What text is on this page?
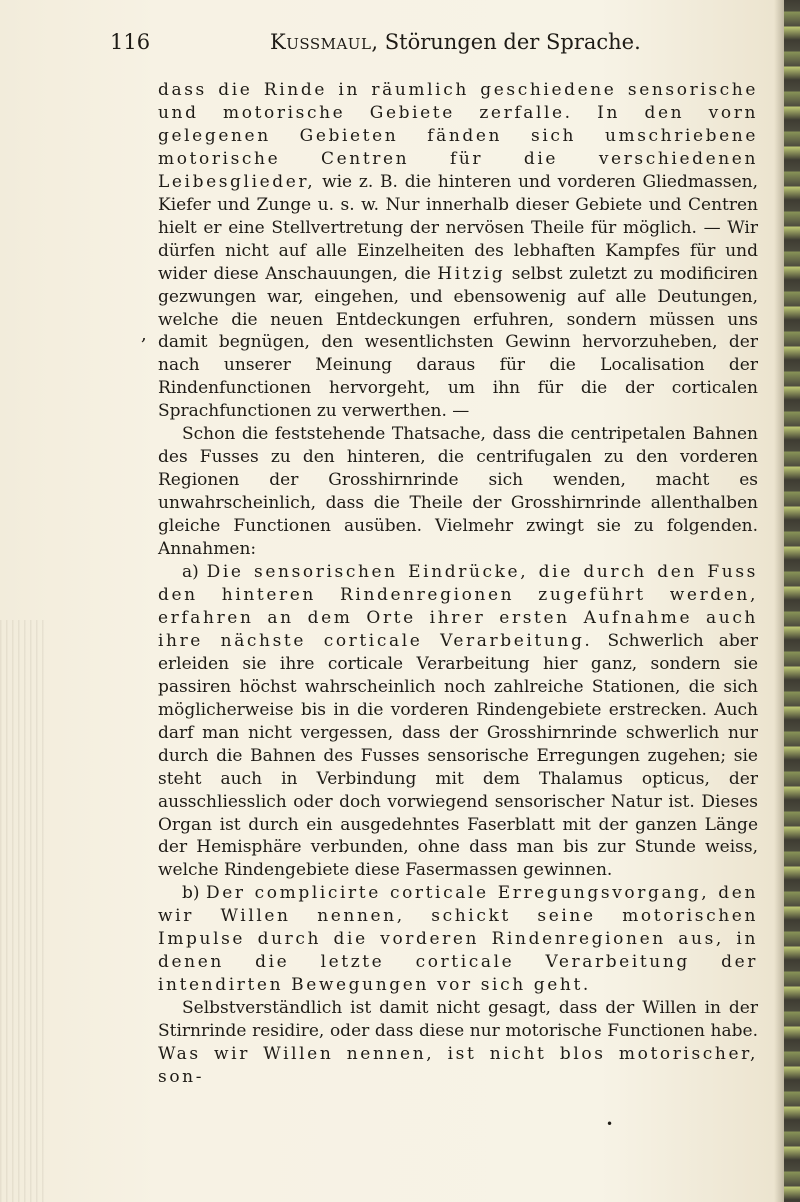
116	Kussmaul, Störungen der Sprache.
,

dass die Rinde in räumlich geschiedene sensorische und motorische Gebiete zerfalle. In den vorn gelegenen Gebieten fänden sich umschriebene motorische Centren für die verschiedenen Leibesglieder, wie z. B. die hinteren und vorderen Gliedmassen, Kiefer und Zunge u. s. w. Nur innerhalb dieser Gebiete und Centren hielt er eine Stellvertretung der nervösen Theile für möglich. — Wir dürfen nicht auf alle Einzelheiten des lebhaften Kampfes für und wider diese Anschauungen, die Hitzig selbst zuletzt zu modificiren gezwungen war, eingehen, und ebensowenig auf alle Deutungen, welche die neuen Entdeckungen erfuhren, sondern müssen uns damit begnügen, den wesentlichsten Gewinn hervorzuheben, der nach unserer Meinung daraus für die Localisation der Rindenfunctionen hervorgeht, um ihn für die der corticalen Sprachfunctionen zu verwerthen. —

Schon die feststehende Thatsache, dass die centripetalen Bahnen des Fusses zu den hinteren, die centrifugalen zu den vorderen Regionen der Grosshirnrinde sich wenden, macht es unwahrscheinlich, dass die Theile der Grosshirnrinde allenthalben gleiche Functionen ausüben. Vielmehr zwingt sie zu folgenden. Annahmen:

a) Die sensorischen Eindrücke, die durch den Fuss den hinteren Rindenregionen zugeführt werden, erfahren an dem Orte ihrer ersten Aufnahme auch ihre nächste corticale Verarbeitung. Schwerlich aber erleiden sie ihre corticale Verarbeitung hier ganz, sondern sie passiren höchst wahrscheinlich noch zahlreiche Stationen, die sich möglicherweise bis in die vorderen Rindengebiete erstrecken. Auch darf man nicht vergessen, dass der Grosshirnrinde schwerlich nur durch die Bahnen des Fusses sensorische Erregungen zugehen; sie steht auch in Verbindung mit dem Thalamus opticus, der ausschliesslich oder doch vorwiegend sensorischer Natur ist. Dieses Organ ist durch ein ausgedehntes Faserblatt mit der ganzen Länge der Hemisphäre verbunden, ohne dass man bis zur Stunde weiss, welche Rindengebiete diese Fasermassen gewinnen.

b) Der complicirte corticale Erregungsvorgang, den wir Willen nennen, schickt seine motorischen Impulse durch die vorderen Rindenregionen aus, in denen die letzte corticale Verarbeitung der intendirten Bewegungen vor sich geht.

Selbstverständlich ist damit nicht gesagt, dass der Willen in der Stirnrinde residire, oder dass diese nur motorische Functionen habe. Was wir Willen nennen, ist nicht blos motorischer, son-

•
